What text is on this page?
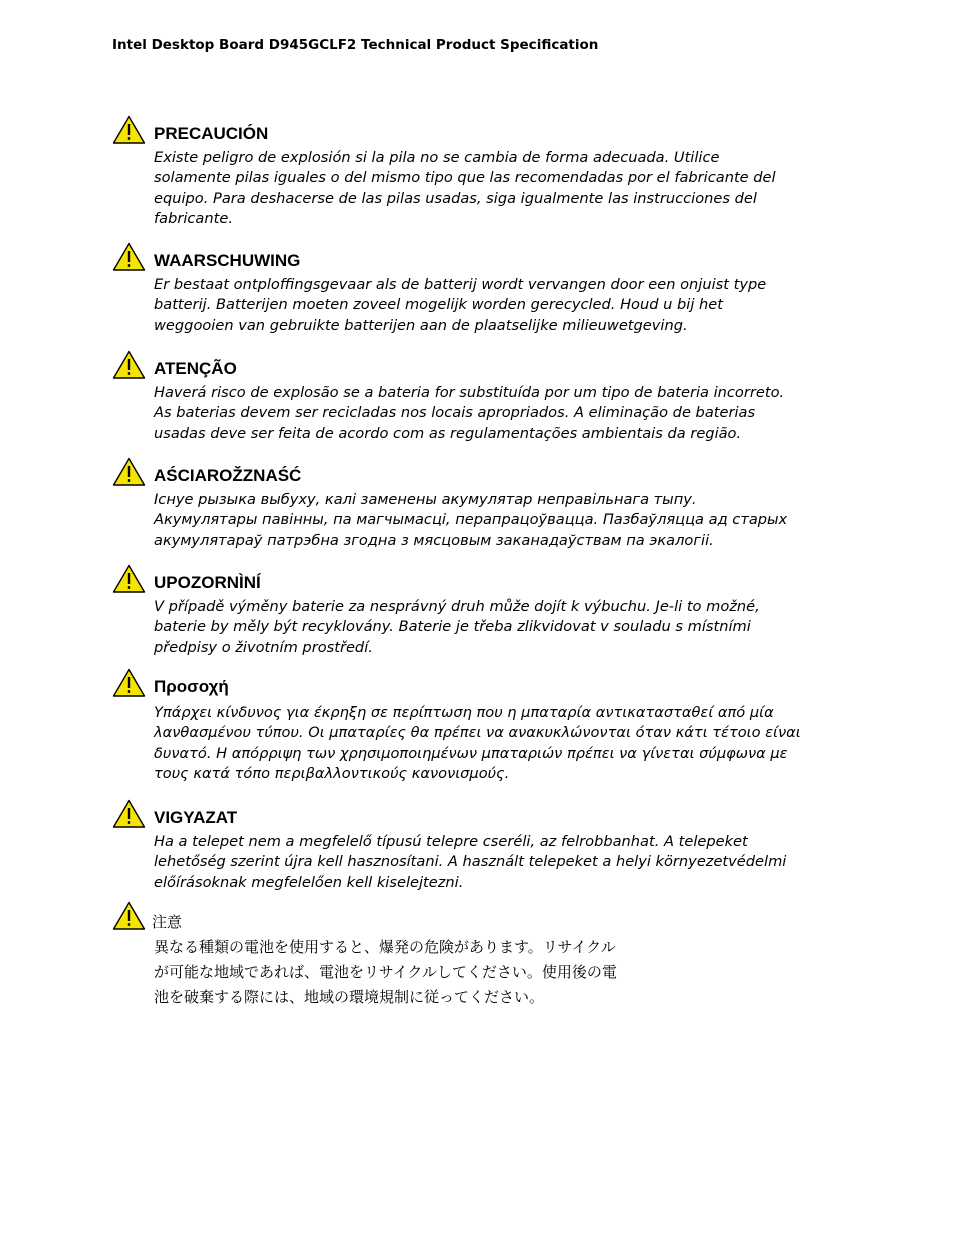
Intel Desktop Board D945GCLF2 Technical Product Specification
PRECAUCIÓN
Existe peligro de explosión si la pila no se cambia de forma adecuada. Utilice
solamente pilas iguales o del mismo tipo que las recomendadas por el fabricante del
equipo. Para deshacerse de las pilas usadas, siga igualmente las instrucciones del
fabricante.
WAARSCHUWING
Er bestaat ontploffingsgevaar als de batterij wordt vervangen door een onjuist type
batterij. Batterijen moeten zoveel mogelijk worden gerecycled. Houd u bij het
weggooien van gebruikte batterijen aan de plaatselijke milieuwetgeving.
ATENÇÃO
Haverá risco de explosão se a bateria for substituída por um tipo de bateria incorreto.
As baterias devem ser recicladas nos locais apropriados. A eliminação de baterias
usadas deve ser feita de acordo com as regulamentações ambientais da região.
AŚCIAROŽZNAŚĆ
Існуе рызыка выбуху, калі заменены акумулятар неправільнага тыпу.
Акумулятары павінны, па магчымасці, перапрацоўвацца. Пазбаўляцца ад старых
акумулятараў патрэбна згодна з мясцовым заканадаўствам па экалогіі.
UPOZORNÌNÍ
V případě výměny baterie za nesprávný druh může dojít k výbuchu. Je-li to možné,
baterie by měly být recyklovány. Baterie je třeba zlikvidovat v souladu s místními
předpisy o životním prostředí.
Προσοχή
Υπάρχει κίνδυνος για έκρηξη σε περίπτωση που η μπαταρία αντικατασταθεί από μία
λανθασμένου τύπου. Οι μπαταρίες θα πρέπει να ανακυκλώνονται όταν κάτι τέτοιο είναι
δυνατό. Η απόρριψη των χρησιμοποιημένων μπαταριών πρέπει να γίνεται σύμφωνα με
τους κατά τόπο περιβαλλοντικούς κανονισμούς.
VIGYAZAT
Ha a telepet nem a megfelelő típusú telepre cseréli, az felrobbanhat. A telepeket
lehetőség szerint újra kell hasznosítani. A használt telepeket a helyi környezetvédelmi
előírásoknak megfelelően kell kiselejtezni.
注意
異なる種類の電池を使用すると、爆発の危険があります。リサイクル
が可能な地域であれば、電池をリサイクルしてください。使用後の電
池を破棄する際には、地域の環境規制に従ってください。
